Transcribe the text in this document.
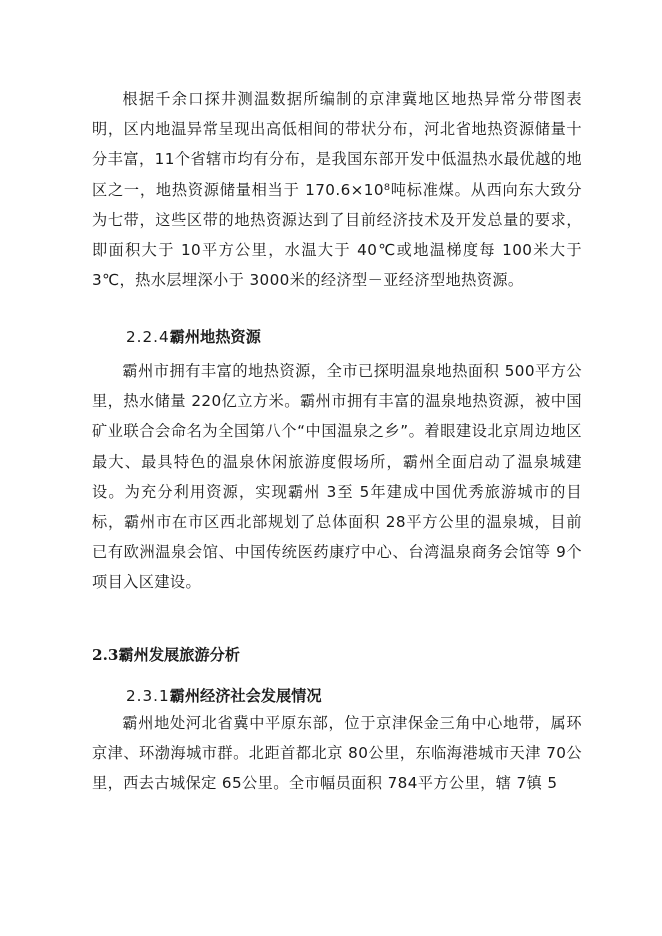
根据千余口探井测温数据所编制的京津冀地区地热异常分带图表明，区内地温异常呈现出高低相间的带状分布，河北省地热资源储量十分丰富，11个省辖市均有分布，是我国东部开发中低温热水最优越的地区之一，地热资源储量相当于 170.6×10⁸吨标准煤。从西向东大致分为七带，这些区带的地热资源达到了目前经济技术及开发总量的要求，即面积大于 10平方公里，水温大于 40℃或地温梯度每 100米大于 3℃，热水层埋深小于 3000米的经济型－亚经济型地热资源。

2.2.4霸州地热资源

霸州市拥有丰富的地热资源，全市已探明温泉地热面积 500平方公里，热水储量 220亿立方米。霸州市拥有丰富的温泉地热资源，被中国矿业联合会命名为全国第八个“中国温泉之乡”。着眼建设北京周边地区最大、最具特色的温泉休闲旅游度假场所，霸州全面启动了温泉城建设。为充分利用资源，实现霸州 3至 5年建成中国优秀旅游城市的目标，霸州市在市区西北部规划了总体面积 28平方公里的温泉城，目前已有欧洲温泉会馆、中国传统医药康疗中心、台湾温泉商务会馆等 9个项目入区建设。

2.3霸州发展旅游分析
2.3.1霸州经济社会发展情况

霸州地处河北省冀中平原东部，位于京津保金三角中心地带，属环京津、环渤海城市群。北距首都北京 80公里，东临海港城市天津 70公里，西去古城保定 65公里。全市幅员面积 784平方公里，辖 7镇 5
